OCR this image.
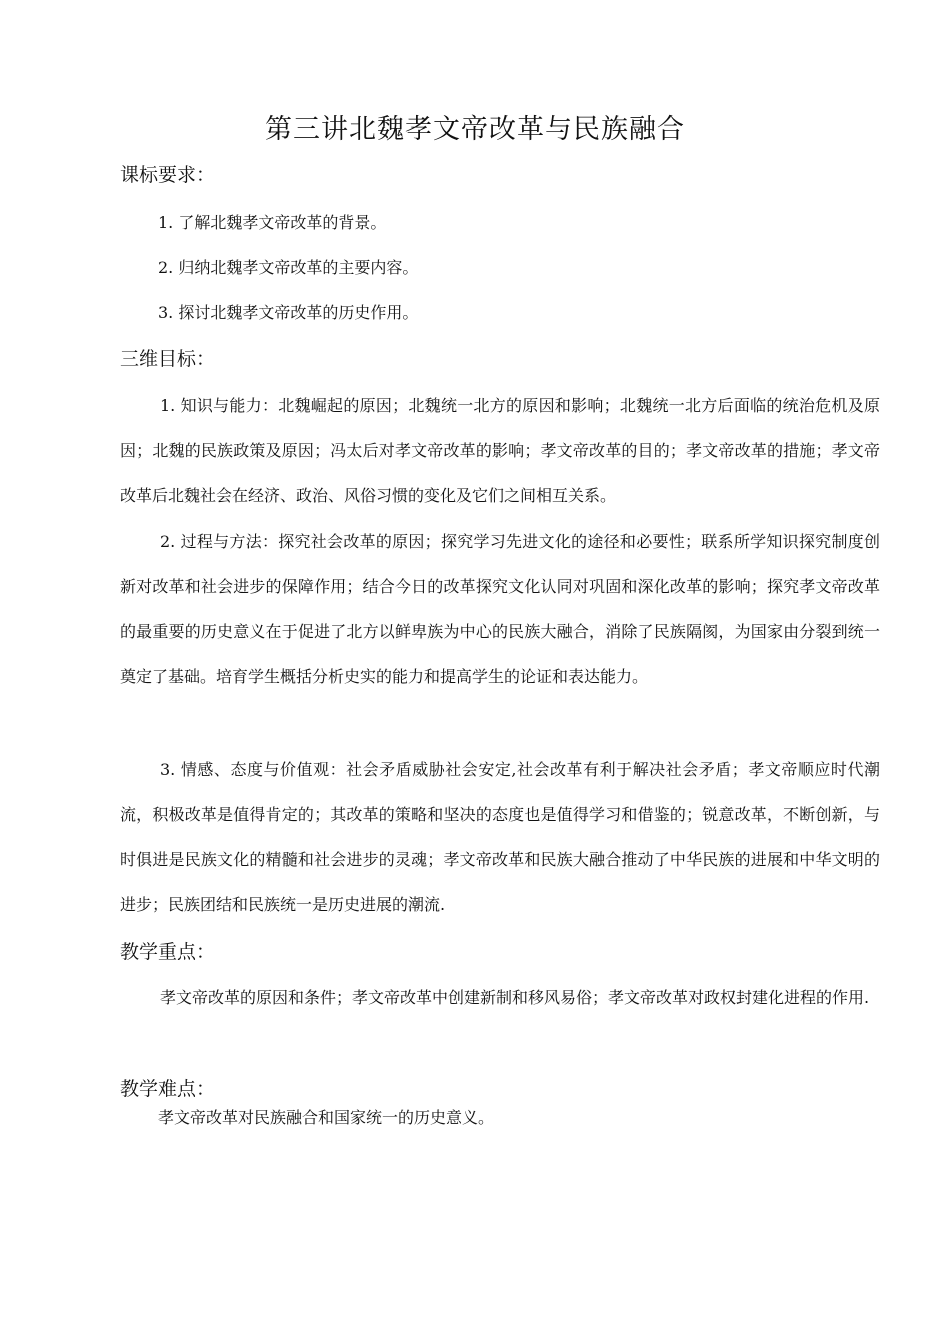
第三讲北魏孝文帝改革与民族融合
课标要求：
1. 了解北魏孝文帝改革的背景。
2. 归纳北魏孝文帝改革的主要内容。
3. 探讨北魏孝文帝改革的历史作用。
三维目标：
1. 知识与能力：北魏崛起的原因；北魏统一北方的原因和影响；北魏统一北方后面临的统治危机及原因；北魏的民族政策及原因；冯太后对孝文帝改革的影响；孝文帝改革的目的；孝文帝改革的措施；孝文帝改革后北魏社会在经济、政治、风俗习惯的变化及它们之间相互关系。
2. 过程与方法：探究社会改革的原因；探究学习先进文化的途径和必要性；联系所学知识探究制度创新对改革和社会进步的保障作用；结合今日的改革探究文化认同对巩固和深化改革的影响；探究孝文帝改革的最重要的历史意义在于促进了北方以鲜卑族为中心的民族大融合，消除了民族隔阂，为国家由分裂到统一奠定了基础。培育学生概括分析史实的能力和提高学生的论证和表达能力。
3. 情感、态度与价值观：社会矛盾威胁社会安定,社会改革有利于解决社会矛盾；孝文帝顺应时代潮流，积极改革是值得肯定的；其改革的策略和坚决的态度也是值得学习和借鉴的；锐意改革，不断创新，与时俱进是民族文化的精髓和社会进步的灵魂；孝文帝改革和民族大融合推动了中华民族的进展和中华文明的进步；民族团结和民族统一是历史进展的潮流.
教学重点：
孝文帝改革的原因和条件；孝文帝改革中创建新制和移风易俗；孝文帝改革对政权封建化进程的作用.
教学难点：
孝文帝改革对民族融合和国家统一的历史意义。
